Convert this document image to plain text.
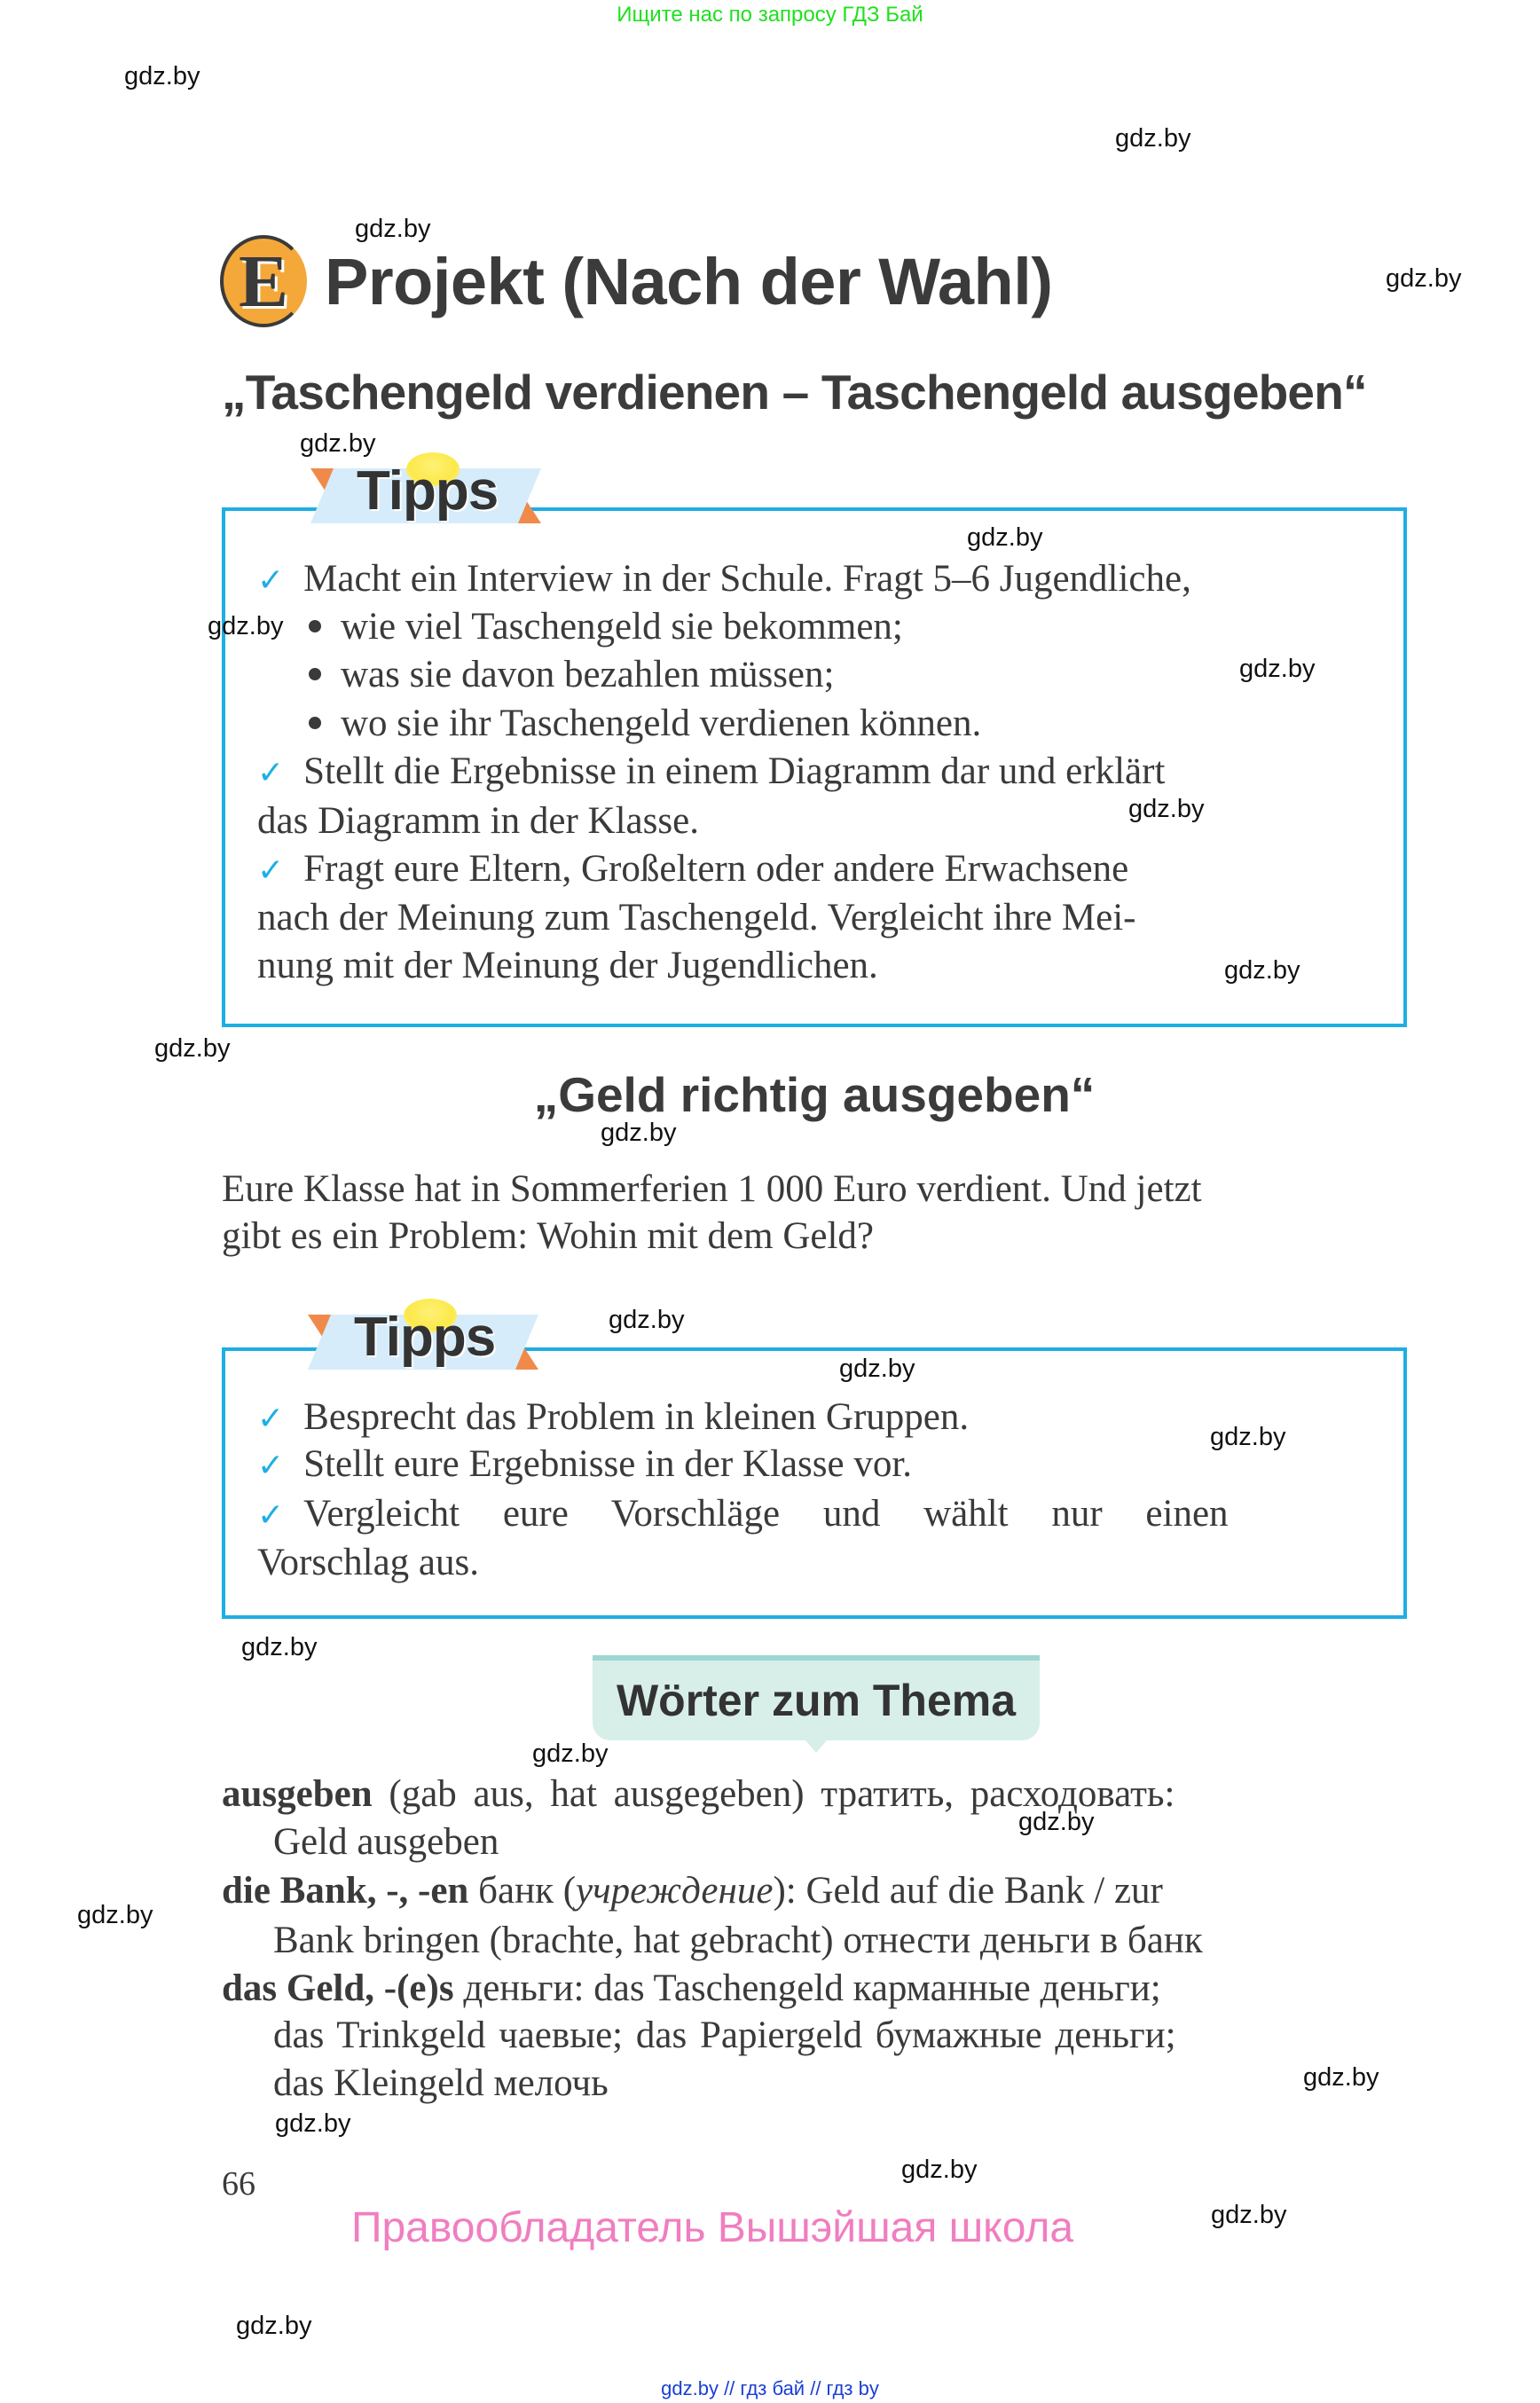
Ищите нас по запросу ГДЗ Бай
E Projekt (Nach der Wahl)
„Taschengeld verdienen – Taschengeld ausgeben“
Tipps
✓ Macht ein Interview in der Schule. Fragt 5–6 Jugendliche,
wie viel Taschengeld sie bekommen;
was sie davon bezahlen müssen;
wo sie ihr Taschengeld verdienen können.
✓ Stellt die Ergebnisse in einem Diagramm dar und erklärt
das Diagramm in der Klasse.
✓ Fragt eure Eltern, Großeltern oder andere Erwachsene
nach der Meinung zum Taschengeld. Vergleicht ihre Mei-
nung mit der Meinung der Jugendlichen.
„Geld richtig ausgeben“
Eure Klasse hat in Sommerferien 1 000 Euro verdient. Und jetzt
gibt es ein Problem: Wohin mit dem Geld?
Tipps
✓ Besprecht das Problem in kleinen Gruppen.
✓ Stellt eure Ergebnisse in der Klasse vor.
✓ Vergleicht eure Vorschläge und wählt nur einen
Vorschlag aus.
Wörter zum Thema
ausgeben (gab aus, hat ausgegeben) тратить, расходовать:
Geld ausgeben
die Bank, -, -en банк (учреждение): Geld auf die Bank / zur
Bank bringen (brachte, hat gebracht) отнести деньги в банк
das Geld, -(e)s деньги: das Taschengeld карманные деньги;
das Trinkgeld чаевые; das Papiergeld бумажные деньги;
das Kleingeld мелочь
66
Правообладатель Вышэйшая школа
gdz.by // гдз бай // гдз by
gdz.by
gdz.by
gdz.by
gdz.by
gdz.by
gdz.by
gdz.by
gdz.by
gdz.by
gdz.by
gdz.by
gdz.by
gdz.by
gdz.by
gdz.by
gdz.by
gdz.by
gdz.by
gdz.by
gdz.by
gdz.by
gdz.by
gdz.by
gdz.by
